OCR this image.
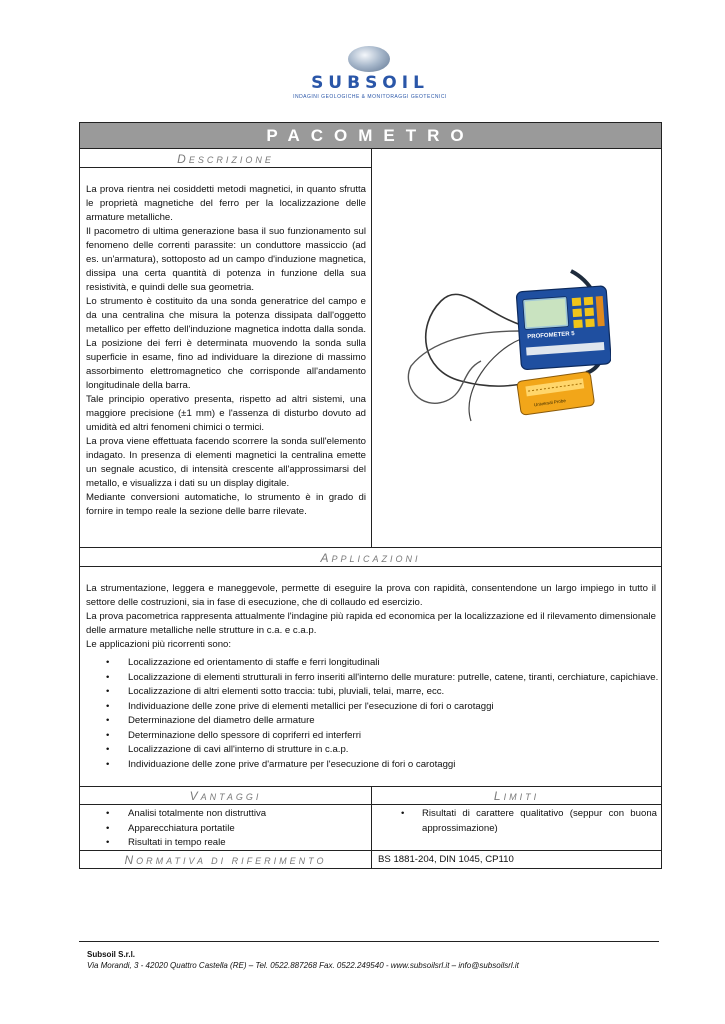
SUBSOIL
INDAGINI GEOLOGICHE & MONITORAGGI GEOTECNICI
PACOMETRO
DESCRIZIONE

La prova rientra nei cosiddetti metodi magnetici, in quanto sfrutta le proprietà magnetiche del ferro per la localizzazione delle armature metalliche.

Il pacometro di ultima generazione basa il suo funzionamento sul fenomeno delle correnti parassite: un conduttore massiccio (ad es. un'armatura), sottoposto ad un campo d'induzione magnetica, dissipa una certa quantità di potenza in funzione della sua resistività, e quindi delle sua geometria.

Lo strumento è costituito da una sonda generatrice del campo e da una centralina che misura la potenza dissipata dall'oggetto metallico per effetto dell'induzione magnetica indotta dalla sonda. La posizione dei ferri è determinata muovendo la sonda sulla superficie in esame, fino ad individuare la direzione di massimo assorbimento elettromagnetico che corrisponde all'andamento longitudinale della barra.

Tale principio operativo presenta, rispetto ad altri sistemi, una maggiore precisione (±1 mm) e l'assenza di disturbo dovuto ad umidità ed altri fenomeni chimici o termici.

La prova viene effettuata facendo scorrere la sonda sull'elemento indagato. In presenza di elementi magnetici la centralina emette un segnale acustico, di intensità crescente all'approssimarsi del metallo, e visualizza i dati su un display digitale.

Mediante conversioni automatiche, lo strumento è in grado di fornire in tempo reale la sezione delle barre rilevate.

PROFOMETER 5
Universal Probe
APPLICAZIONI

La strumentazione, leggera e maneggevole, permette di eseguire la prova con rapidità, consentendone un largo impiego in tutto il settore delle costruzioni, sia in fase di esecuzione, che di collaudo ed esercizio.

La prova pacometrica rappresenta attualmente l'indagine più rapida ed economica per la localizzazione ed il rilevamento dimensionale delle armature metalliche nelle strutture in c.a. e c.a.p.

Le applicazioni più ricorrenti sono:

• Localizzazione ed orientamento di staffe e ferri longitudinali
• Localizzazione di elementi strutturali in ferro inseriti all'interno delle murature: putrelle, catene, tiranti, cerchiature, capichiave.
• Localizzazione di altri elementi sotto traccia: tubi, pluviali, telai, marre, ecc.
• Individuazione delle zone prive di elementi metallici per l'esecuzione di fori o carotaggi
• Determinazione del diametro delle armature
• Determinazione dello spessore di copriferri ed interferri
• Localizzazione di cavi all'interno di strutture in c.a.p.
• Individuazione delle zone prive d'armature per l'esecuzione di fori o carotaggi
VANTAGGI	LIMITI
• Analisi totalmente non distruttiva
• Apparecchiatura portatile
• Risultati in tempo reale
• Risultati di carattere qualitativo (seppur con buona approssimazione)
NORMATIVA DI RIFERIMENTO	BS 1881-204, DIN 1045, CP110
Subsoil S.r.l.
Via Morandi, 3 - 42020 Quattro Castella (RE) – Tel. 0522.887268 Fax. 0522.249540 - www.subsoilsrl.it – info@subsoilsrl.it
